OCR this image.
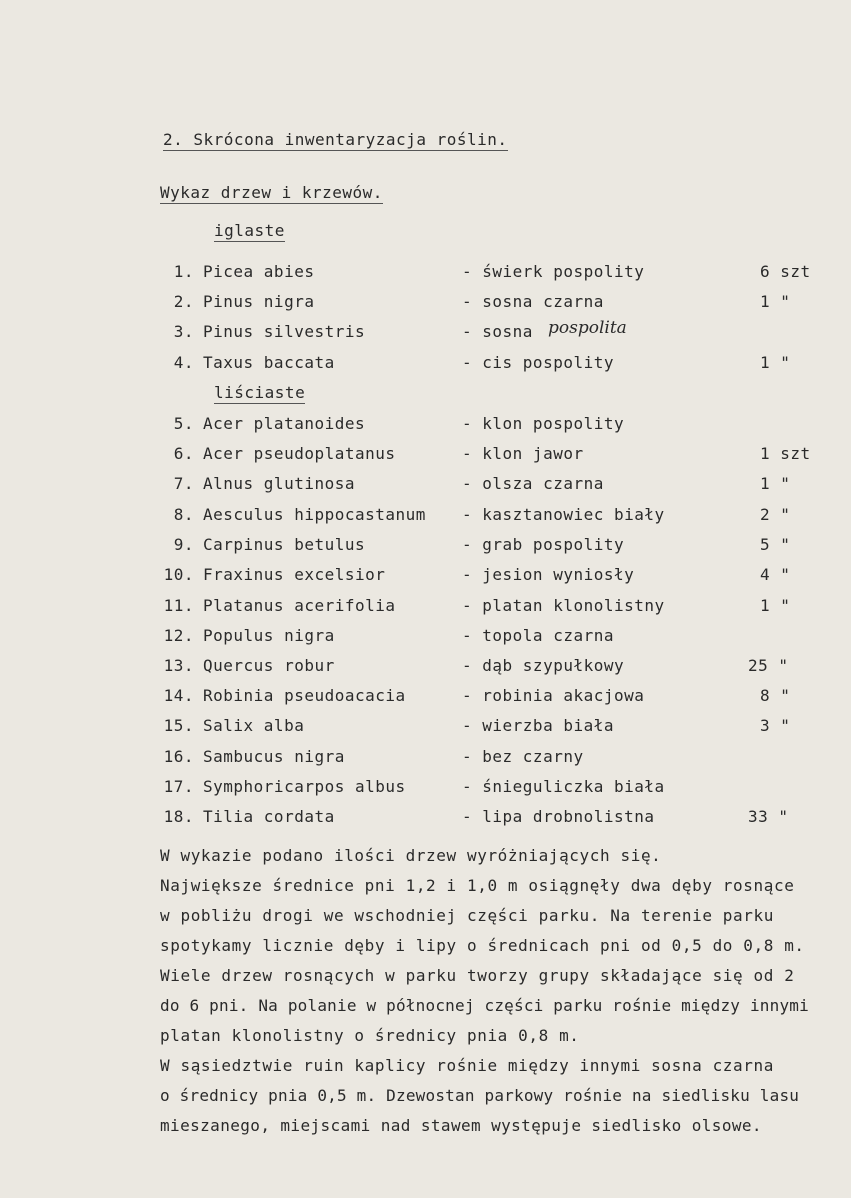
2. Skrócona inwentaryzacja roślin.
Wykaz drzew i krzewów.
iglaste
1. Picea abies	- świerk pospolity	6 szt
2. Pinus nigra	- sosna czarna	1 "
3. Pinus silvestris	- sosna pospolita
4. Taxus baccata	- cis pospolity	1 "
liściaste
5. Acer platanoides	- klon pospolity
6. Acer pseudoplatanus	- klon jawor	1 szt
7. Alnus glutinosa	- olsza czarna	1 "
8. Aesculus hippocastanum - kasztanowiec biały	2 "
9. Carpinus betulus	- grab pospolity	5 "
10. Fraxinus excelsior	- jesion wyniosły	4 "
11. Platanus acerifolia	- platan klonolistny	1 "
12. Populus nigra	- topola czarna
13. Quercus robur	- dąb szypułkowy	25 "
14. Robinia pseudoacacia	- robinia akacjowa	8 "
15. Salix alba	- wierzba biała	3 "
16. Sambucus nigra	- bez czarny
17. Symphoricarpos albus	- śnieguliczka biała
18. Tilia cordata	- lipa drobnolistna	33 "
W wykazie podano ilości drzew wyróżniających się.
Największe średnice pni 1,2 i 1,0 m osiągnęły dwa dęby rosnące
w pobliżu drogi we wschodniej części parku. Na terenie parku
spotykamy licznie dęby i lipy o średnicach pni od 0,5 do 0,8 m.
Wiele drzew rosnących w parku tworzy grupy składające się od 2
do 6 pni. Na polanie w północnej części parku rośnie między innymi
platan klonolistny o średnicy pnia 0,8 m.
W sąsiedztwie ruin kaplicy rośnie między innymi sosna czarna
o średnicy pnia 0,5 m. Dzewostan parkowy rośnie na siedlisku lasu
mieszanego, miejscami nad stawem występuje siedlisko olsowe.
